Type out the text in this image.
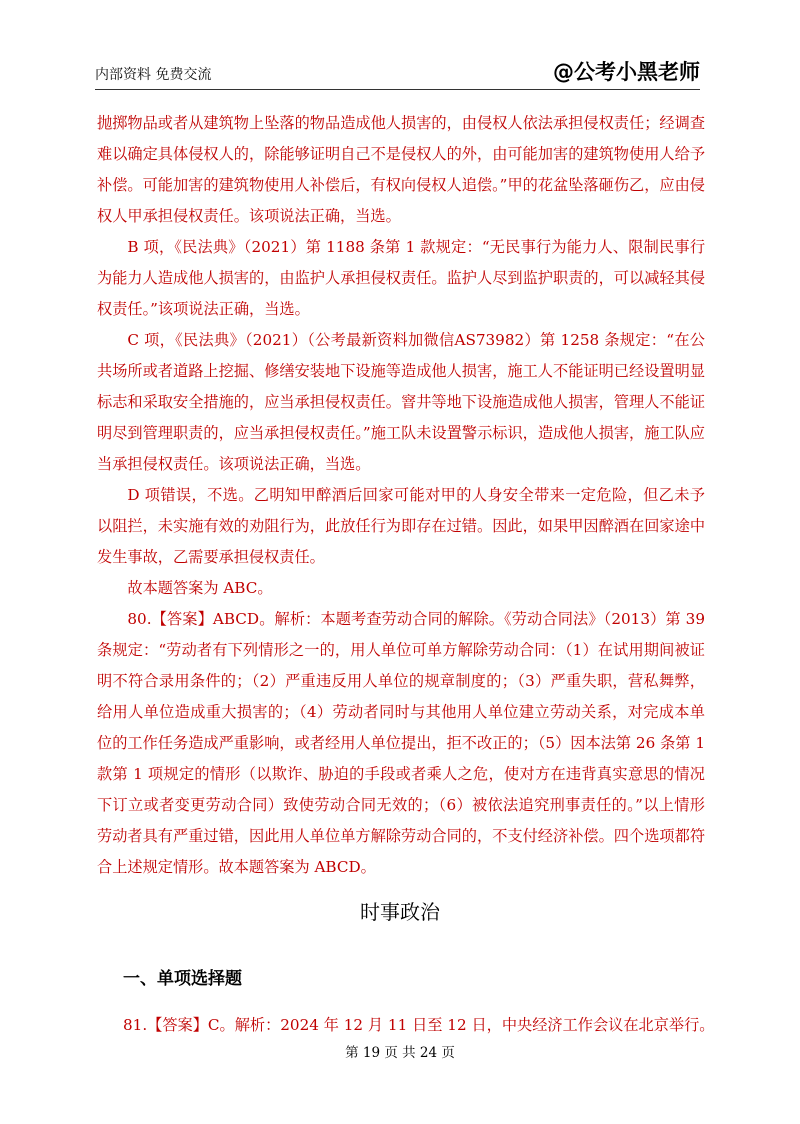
内部资料 免费交流	@公考小黑老师

抛掷物品或者从建筑物上坠落的物品造成他人损害的，由侵权人依法承担侵权责任；经调查难以确定具体侵权人的，除能够证明自己不是侵权人的外，由可能加害的建筑物使用人给予补偿。可能加害的建筑物使用人补偿后，有权向侵权人追偿。”甲的花盆坠落砸伤乙，应由侵权人甲承担侵权责任。该项说法正确，当选。

B 项，《民法典》（2021）第 1188 条第 1 款规定：“无民事行为能力人、限制民事行为能力人造成他人损害的，由监护人承担侵权责任。监护人尽到监护职责的，可以减轻其侵权责任。”该项说法正确，当选。

C 项，《民法典》（2021）（公考最新资料加微信AS73982）第 1258 条规定：“在公共场所或者道路上挖掘、修缮安装地下设施等造成他人损害，施工人不能证明已经设置明显标志和采取安全措施的，应当承担侵权责任。窨井等地下设施造成他人损害，管理人不能证明尽到管理职责的，应当承担侵权责任。”施工队未设置警示标识，造成他人损害，施工队应当承担侵权责任。该项说法正确，当选。

D 项错误，不选。乙明知甲醉酒后回家可能对甲的人身安全带来一定危险，但乙未予以阻拦，未实施有效的劝阻行为，此放任行为即存在过错。因此，如果甲因醉酒在回家途中发生事故，乙需要承担侵权责任。

故本题答案为 ABC。

80.【答案】ABCD。解析：本题考查劳动合同的解除。《劳动合同法》（2013）第 39 条规定：“劳动者有下列情形之一的，用人单位可单方解除劳动合同：（1）在试用期间被证明不符合录用条件的；（2）严重违反用人单位的规章制度的；（3）严重失职，营私舞弊，给用人单位造成重大损害的；（4）劳动者同时与其他用人单位建立劳动关系，对完成本单位的工作任务造成严重影响，或者经用人单位提出，拒不改正的；（5）因本法第 26 条第 1 款第 1 项规定的情形（以欺诈、胁迫的手段或者乘人之危，使对方在违背真实意思的情况下订立或者变更劳动合同）致使劳动合同无效的；（6）被依法追究刑事责任的。”以上情形劳动者具有严重过错，因此用人单位单方解除劳动合同的，不支付经济补偿。四个选项都符合上述规定情形。故本题答案为 ABCD。

时事政治
一、单项选择题
81.【答案】C。解析：2024 年 12 月 11 日至 12 日，中央经济工作会议在北京举行。
第 19 页 共 24 页
